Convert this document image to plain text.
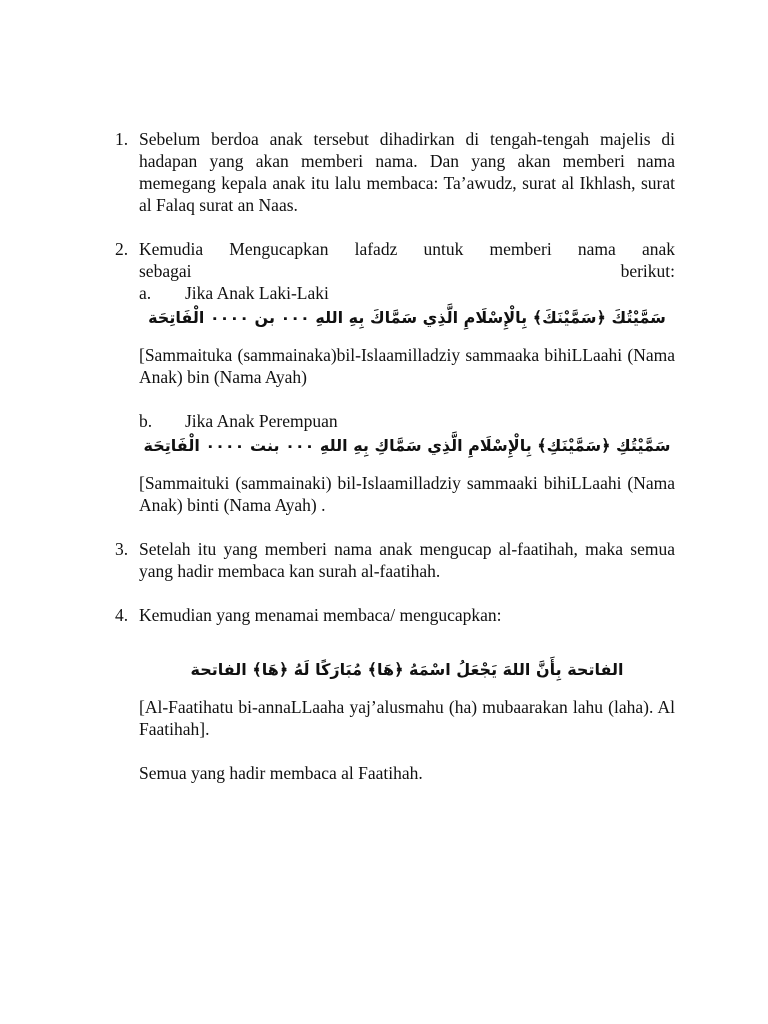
1. Sebelum berdoa anak tersebut dihadirkan di tengah-tengah majelis di hadapan yang akan memberi nama. Dan yang akan memberi nama memegang kepala anak itu lalu membaca: Ta’awudz, surat al Ikhlash, surat al Falaq surat an Naas.
2. Kemudia Mengucapkan lafadz untuk memberi nama anak
sebagai	berikut:
a.	Jika Anak Laki-Laki
سَمَّيْتُكَ ﴿سَمَّيْنَكَ﴾ بِالْإِسْلَامِ الَّذِي سَمَّاكَ بِهِ اللهِ ٠٠٠ بن ٠٠٠٠ الْفَاتِحَة
[Sammaituka (sammainaka)bil-Islaamilladziy sammaaka bihiLLaahi (Nama Anak) bin (Nama Ayah)
b.	Jika Anak Perempuan
سَمَّيْتُكِ ﴿سَمَّيْنَكِ﴾ بِالْإِسْلَامِ الَّذِي سَمَّاكِ بِهِ اللهِ ٠٠٠ بنت ٠٠٠٠ الْفَاتِحَة
[Sammaituki (sammainaki) bil-Islaamilladziy sammaaki bihiLLaahi (Nama Anak) binti (Nama Ayah) .
3. Setelah itu yang memberi nama anak mengucap al-faatihah, maka semua yang hadir membaca kan surah al-faatihah.
4. Kemudian yang menamai membaca/ mengucapkan:
الفاتحة بِأَنَّ اللهَ يَجْعَلُ اسْمَهُ ﴿هَا﴾ مُبَارَكًا لَهُ ﴿هَا﴾ الفاتحة
[Al-Faatihatu bi-annaLLaaha yaj’alusmahu (ha) mubaarakan lahu (laha). Al Faatihah].
Semua yang hadir membaca al Faatihah.
